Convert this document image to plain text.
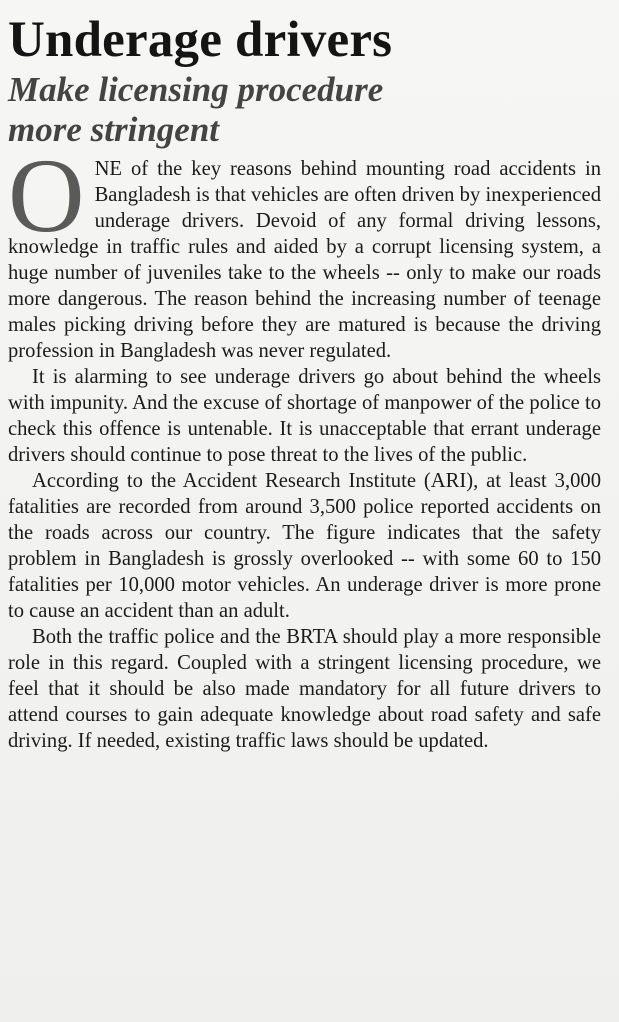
Underage drivers
Make licensing procedure
more stringent

ONE of the key reasons behind mounting road accidents in Bangladesh is that vehicles are often driven by inexperienced underage drivers. Devoid of any formal driving lessons, knowledge in traffic rules and aided by a corrupt licensing system, a huge number of juveniles take to the wheels -- only to make our roads more dangerous. The reason behind the increasing number of teenage males picking driving before they are matured is because the driving profession in Bangladesh was never regulated.

It is alarming to see underage drivers go about behind the wheels with impunity. And the excuse of shortage of manpower of the police to check this offence is untenable. It is unacceptable that errant underage drivers should continue to pose threat to the lives of the public.

According to the Accident Research Institute (ARI), at least 3,000 fatalities are recorded from around 3,500 police reported accidents on the roads across our country. The figure indicates that the safety problem in Bangladesh is grossly overlooked -- with some 60 to 150 fatalities per 10,000 motor vehicles. An underage driver is more prone to cause an accident than an adult.

Both the traffic police and the BRTA should play a more responsible role in this regard. Coupled with a stringent licensing procedure, we feel that it should be also made mandatory for all future drivers to attend courses to gain adequate knowledge about road safety and safe driving. If needed, existing traffic laws should be updated.
